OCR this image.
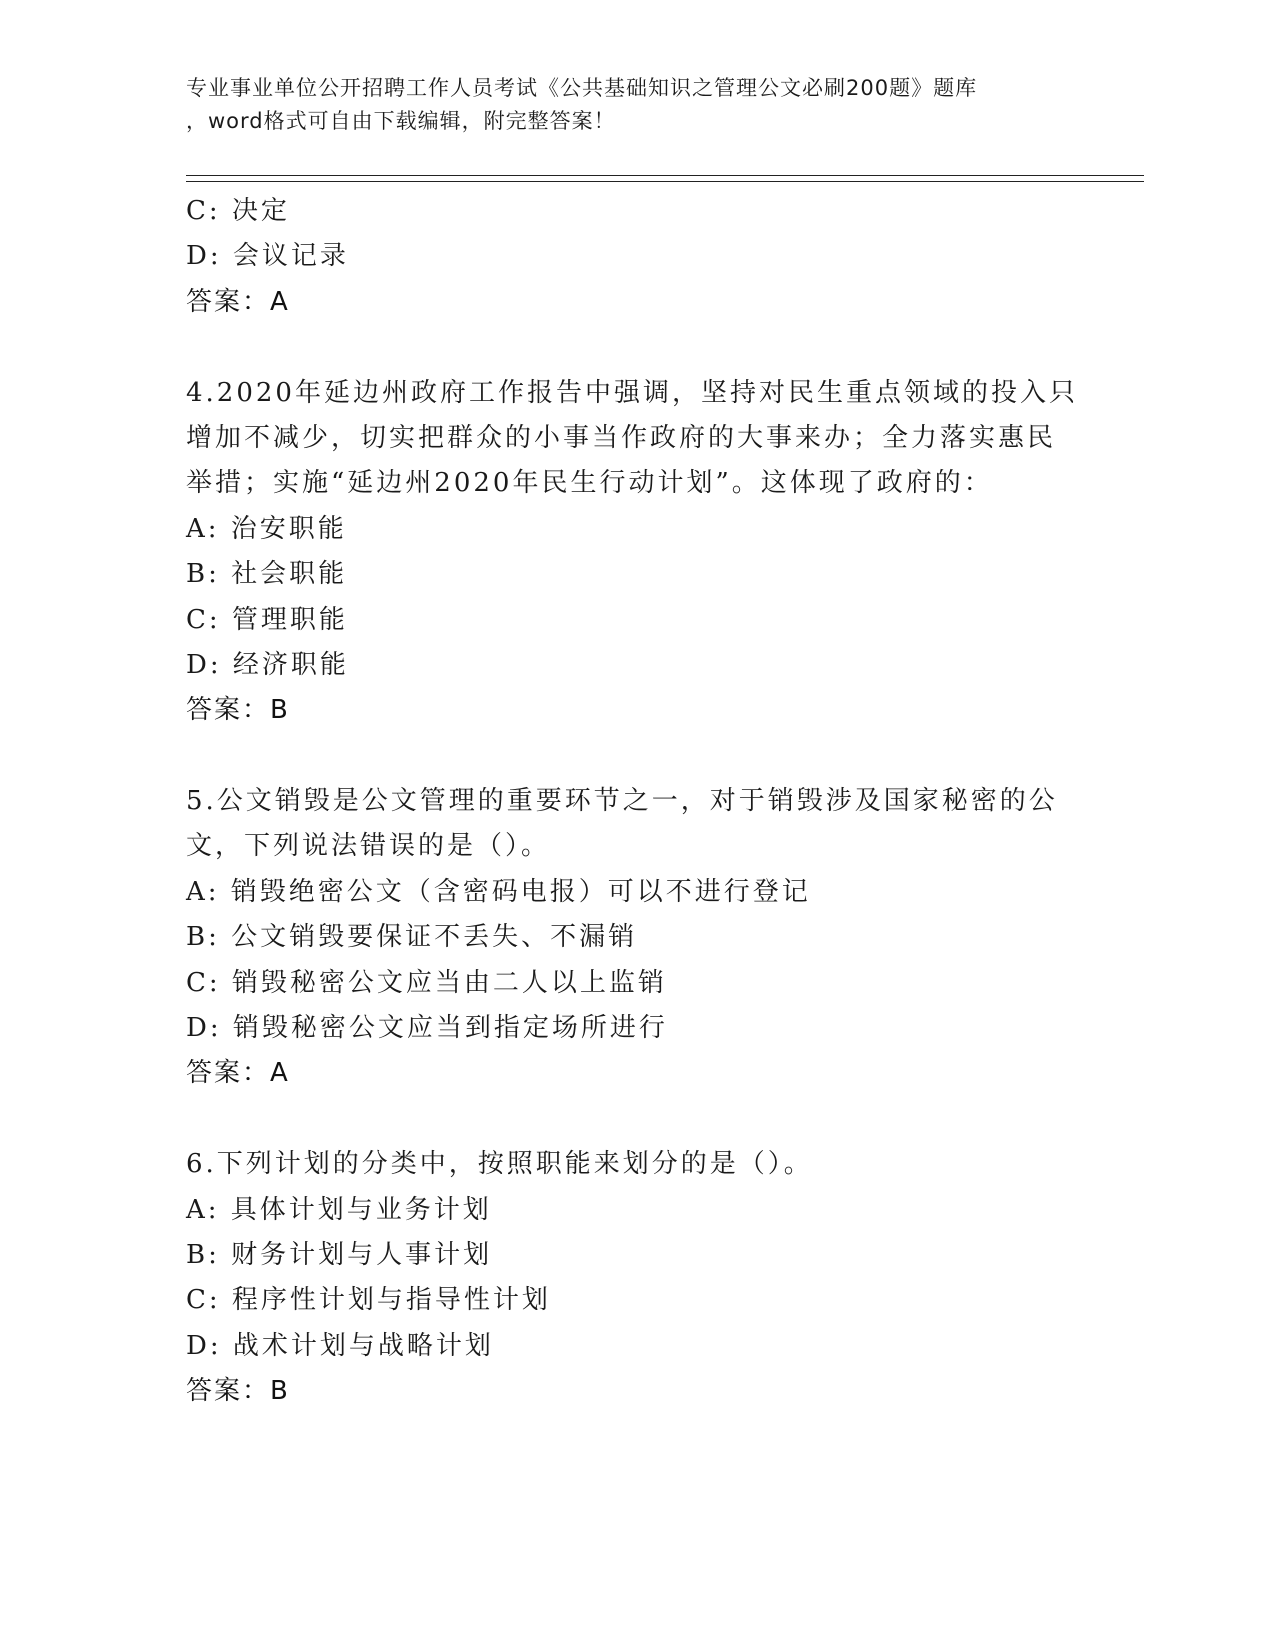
专业事业单位公开招聘工作人员考试《公共基础知识之管理公文必刷200题》题库
，word格式可自由下载编辑，附完整答案！
C: 决定
D: 会议记录
答案：A
4.2020年延边州政府工作报告中强调，坚持对民生重点领域的投入只
增加不减少，切实把群众的小事当作政府的大事来办；全力落实惠民
举措；实施“延边州2020年民生行动计划”。这体现了政府的：
A: 治安职能
B: 社会职能
C: 管理职能
D: 经济职能
答案：B
5.公文销毁是公文管理的重要环节之一，对于销毁涉及国家秘密的公
文，下列说法错误的是（）。
A: 销毁绝密公文（含密码电报）可以不进行登记
B: 公文销毁要保证不丢失、不漏销
C: 销毁秘密公文应当由二人以上监销
D: 销毁秘密公文应当到指定场所进行
答案：A
6.下列计划的分类中，按照职能来划分的是（）。
A: 具体计划与业务计划
B: 财务计划与人事计划
C: 程序性计划与指导性计划
D: 战术计划与战略计划
答案：B
